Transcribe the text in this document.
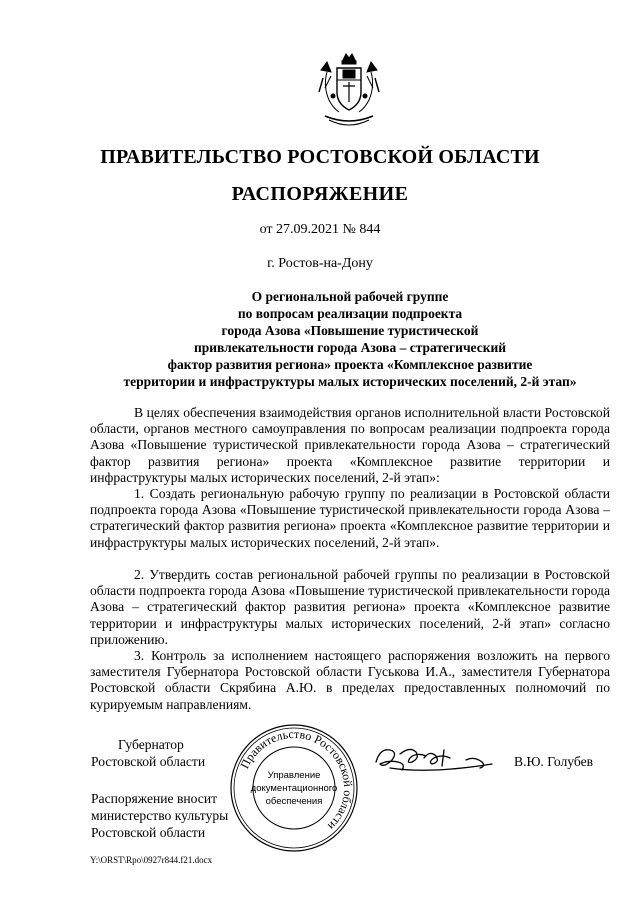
ПРАВИТЕЛЬСТВО РОСТОВСКОЙ ОБЛАСТИ
РАСПОРЯЖЕНИЕ
от 27.09.2021 № 844
г. Ростов-на-Дону
О региональной рабочей группе
по вопросам реализации подпроекта
города Азова «Повышение туристической
привлекательности города Азова – стратегический
фактор развития региона» проекта «Комплексное развитие
территории и инфраструктуры малых исторических поселений, 2-й этап»

В целях обеспечения взаимодействия органов исполнительной власти Ростовской области, органов местного самоуправления по вопросам реализации подпроекта города Азова «Повышение туристической привлекательности города Азова – стратегический фактор развития региона» проекта «Комплексное развитие территории и инфраструктуры малых исторических поселений, 2-й этап»:

1. Создать региональную рабочую группу по реализации в Ростовской области подпроекта города Азова «Повышение туристической привлекательности города Азова – стратегический фактор развития региона» проекта «Комплексное развитие территории и инфраструктуры малых исторических поселений, 2-й этап».

2. Утвердить состав региональной рабочей группы по реализации в Ростовской области подпроекта города Азова «Повышение туристической привлекательности города Азова – стратегический фактор развития региона» проекта «Комплексное развитие территории и инфраструктуры малых исторических поселений, 2-й этап» согласно приложению.

3. Контроль за исполнением настоящего распоряжения возложить на первого заместителя Губернатора Ростовской области Гуськова И.А., заместителя Губернатора Ростовской области Скрябина А.Ю. в пределах предоставленных полномочий по курируемым направлениям.

Губернатор
Ростовской области	В.Ю. Голубев
Правительство Ростовской области
Управление
документационного
обеспечения
Распоряжение вносит
министерство культуры
Ростовской области
Y:\ORST\Rpo\0927r844.f21.docx
